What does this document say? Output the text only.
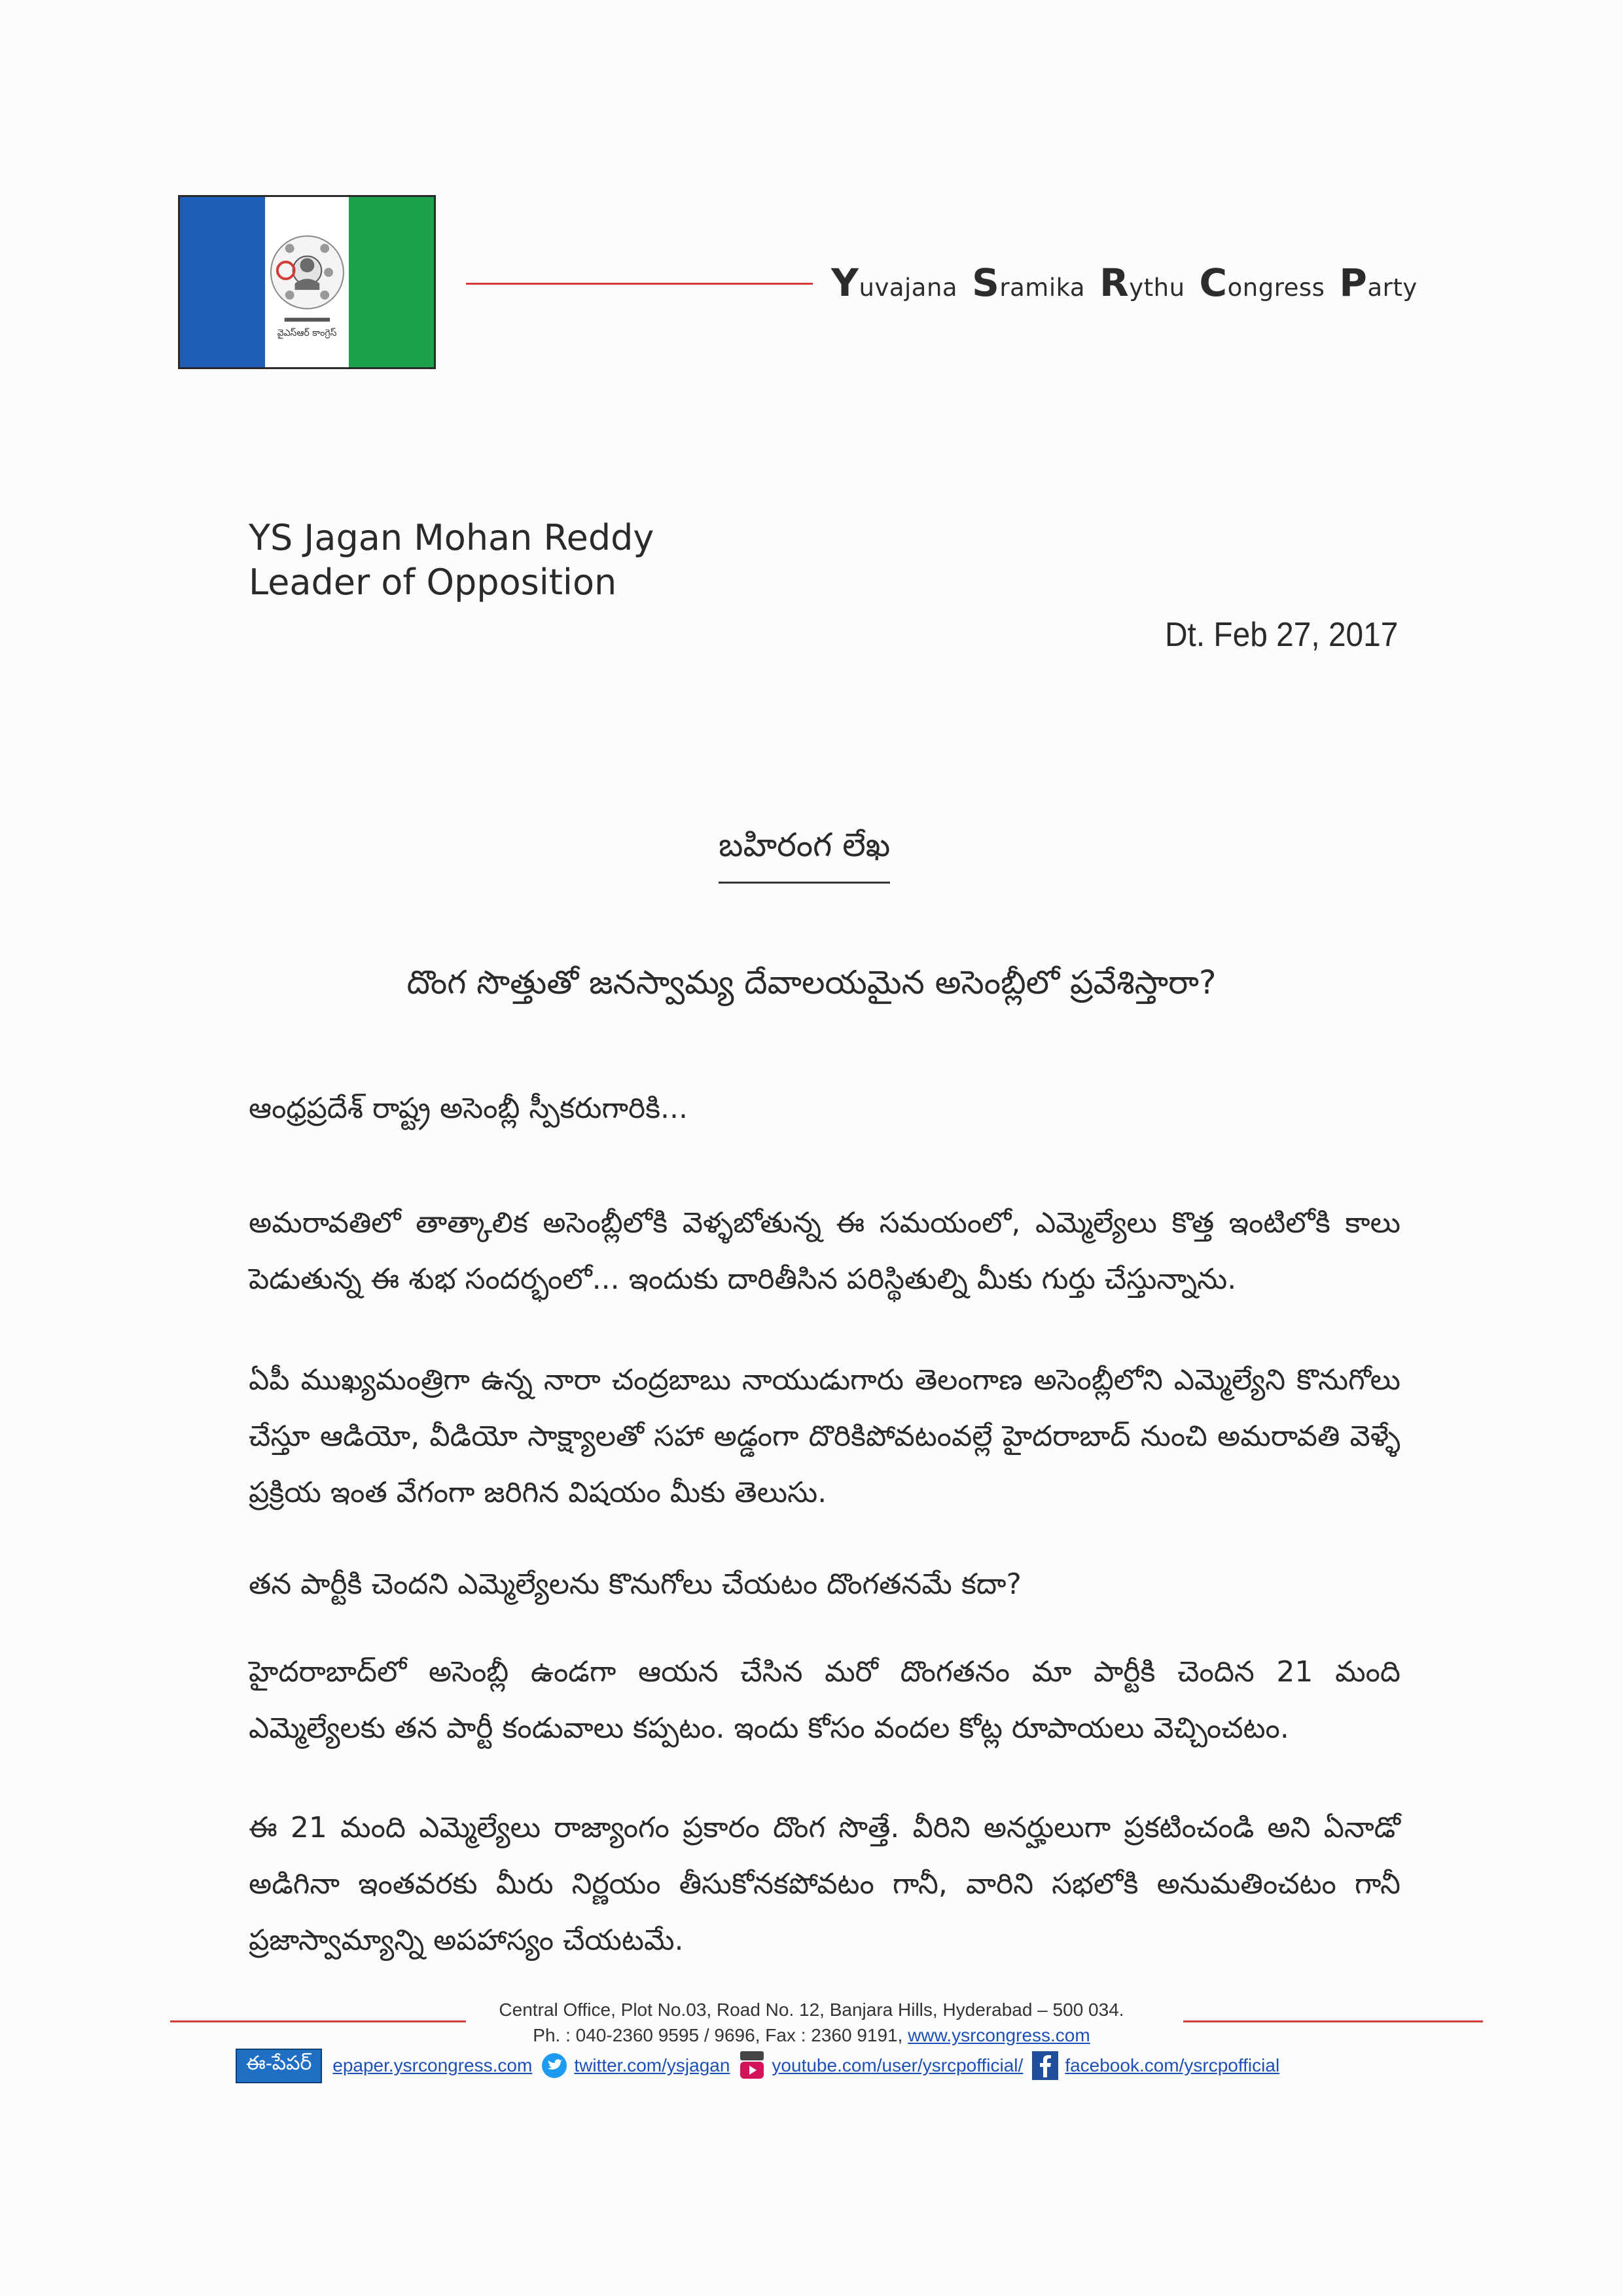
వైఎస్ఆర్ కాంగ్రెస్
Yuvajana Sramika Rythu Congress Party
YS Jagan Mohan Reddy
Leader of Opposition
Dt. Feb 27, 2017
బహిరంగ లేఖ
దొంగ సొత్తుతో జనస్వామ్య దేవాలయమైన అసెంబ్లీలో ప్రవేశిస్తారా?
ఆంధ్రప్రదేశ్ రాష్ట్ర అసెంబ్లీ స్పీకరుగారికి...
అమరావతిలో తాత్కాలిక అసెంబ్లీలోకి వెళ్ళబోతున్న ఈ సమయంలో, ఎమ్మెల్యేలు కొత్త ఇంటిలోకి కాలు పెడుతున్న ఈ శుభ సందర్భంలో... ఇందుకు దారితీసిన పరిస్థితుల్ని మీకు గుర్తు చేస్తున్నాను.
ఏపీ ముఖ్యమంత్రిగా ఉన్న నారా చంద్రబాబు నాయుడుగారు తెలంగాణ అసెంబ్లీలోని ఎమ్మెల్యేని కొనుగోలు చేస్తూ ఆడియో, వీడియో సాక్ష్యాలతో సహా అడ్డంగా దొరికిపోవటంవల్లే హైదరాబాద్ నుంచి అమరావతి వెళ్ళే ప్రక్రియ ఇంత వేగంగా జరిగిన విషయం మీకు తెలుసు.
తన పార్టీకి చెందని ఎమ్మెల్యేలను కొనుగోలు చేయటం దొంగతనమే కదా?
హైదరాబాద్‌లో అసెంబ్లీ ఉండగా ఆయన చేసిన మరో దొంగతనం మా పార్టీకి చెందిన 21 మంది ఎమ్మెల్యేలకు తన పార్టీ కండువాలు కప్పటం. ఇందు కోసం వందల కోట్ల రూపాయలు వెచ్చించటం.
ఈ 21 మంది ఎమ్మెల్యేలు రాజ్యాంగం ప్రకారం దొంగ సొత్తే. వీరిని అనర్హులుగా ప్రకటించండి అని ఏనాడో అడిగినా ఇంతవరకు మీరు నిర్ణయం తీసుకోనకపోవటం గానీ, వారిని సభలోకి అనుమతించటం గానీ ప్రజాస్వామ్యాన్ని అపహాస్యం చేయటమే.
Central Office, Plot No.03, Road No. 12, Banjara Hills, Hyderabad – 500 034.
Ph. : 040-2360 9595 / 9696, Fax : 2360 9191, www.ysrcongress.com
ఈ-పేపర్	epaper.ysrcongress.com twitter.com/ysjagan youtube.com/user/ysrcpofficial/ facebook.com/ysrcpofficial
